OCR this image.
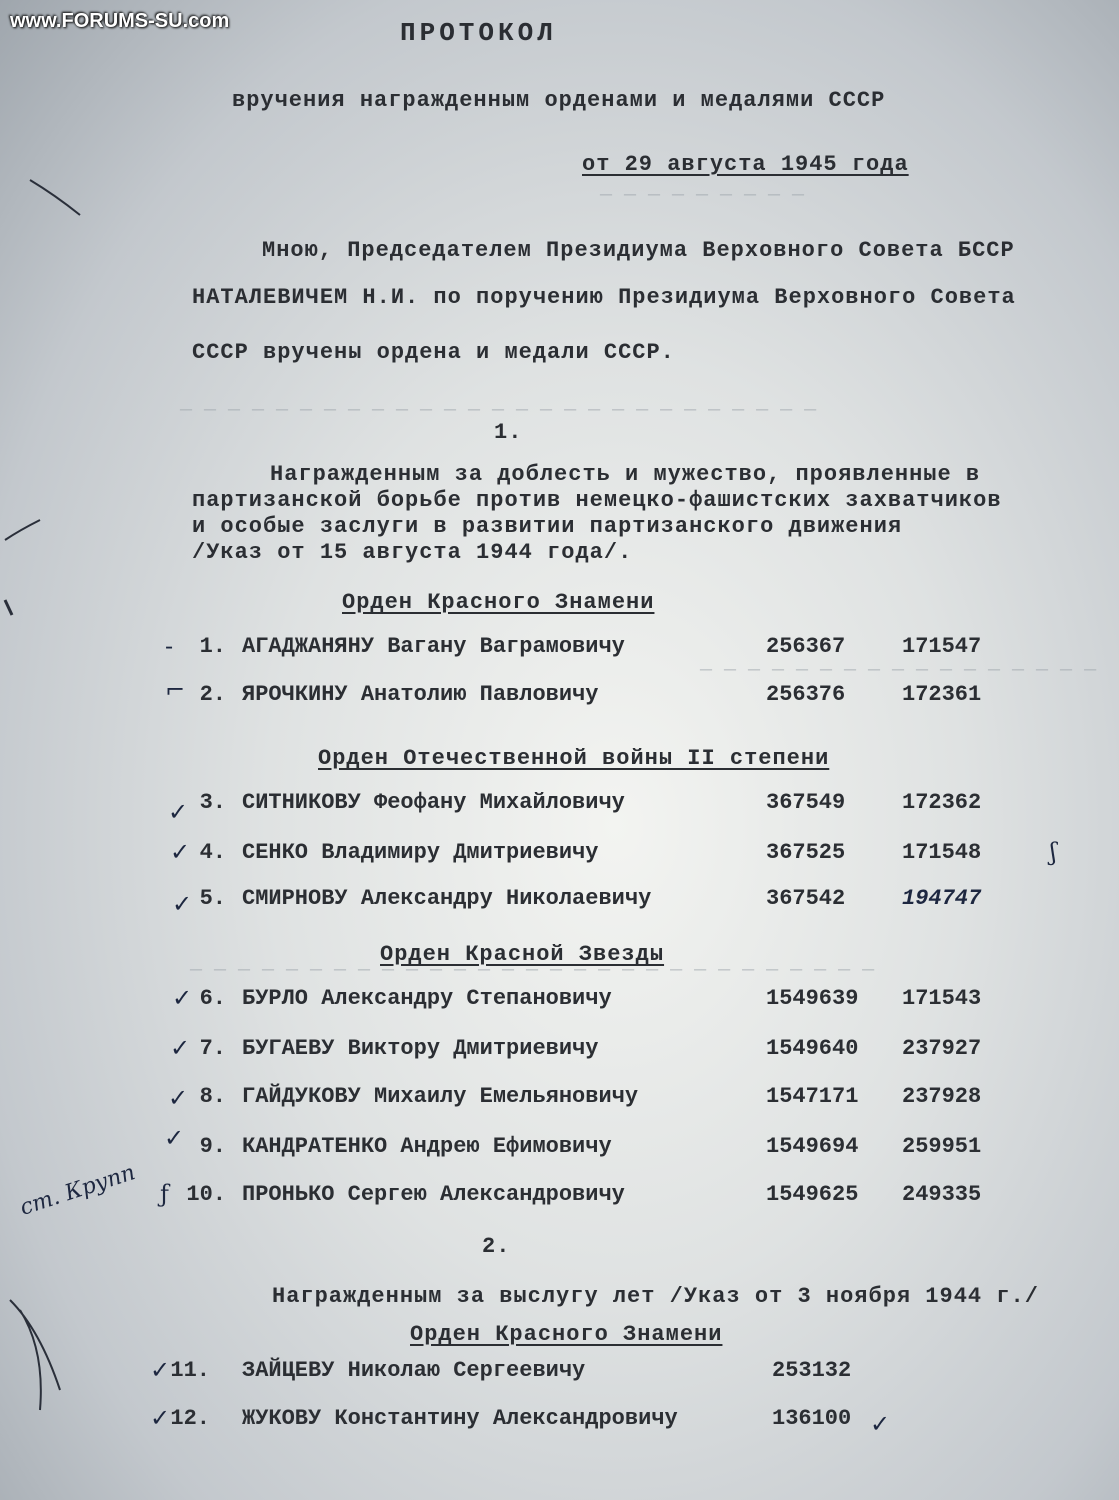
─ ─ ─ ─ ─ ─ ─ ─ ─
─ ─ ─ ─ ─ ─ ─ ─ ─ ─ ─ ─ ─ ─ ─ ─ ─ ─ ─ ─ ─ ─ ─ ─ ─ ─ ─
─ ─ ─ ─ ─ ─ ─ ─ ─ ─ ─ ─ ─ ─ ─ ─ ─
─ ─ ─ ─ ─ ─ ─ ─ ─ ─ ─ ─ ─ ─ ─ ─ ─ ─ ─ ─ ─ ─ ─ ─ ─ ─ ─ ─ ─
www.FORUMS-SU.com	ПРОТОКОЛ
вручения награжденным орденами и медалями СССР
от 29 августа 1945 года
Мною, Председателем Президиума Верховного Совета БССР
НАТАЛЕВИЧЕМ Н.И. по поручению Президиума Верховного Совета
СССР вручены ордена и медали СССР.
1.
Награжденным за доблесть и мужество, проявленные в
партизанской борьбе против немецко-фашистских захватчиков
и особые заслуги в развитии партизанского движения
/Указ от 15 августа 1944 года/.
Орден Красного Знамени
1. АГАДЖАНЯНУ Вагану Ваграмовичу	256367	171547
2. ЯРОЧКИНУ Анатолию Павловичу	256376	172361
Орден Отечественной войны II степени
3. СИТНИКОВУ Феофану Михайловичу	367549	172362
4. СЕНКО Владимиру Дмитриевичу	367525	171548
5. СМИРНОВУ Александру Николаевичу	367542	194747
Орден Красной Звезды
6. БУРЛО Александру Степановичу	1549639 171543
7. БУГАЕВУ Виктору Дмитриевичу	1549640 237927
8. ГАЙДУКОВУ Михаилу Емельяновичу	1547171 237928
9. КАНДРАТЕНКО Андрею Ефимовичу	1549694 259951
10. ПРОНЬКО Сергею Александровичу	1549625 249335
2.
Награжденным за выслугу лет /Указ от 3 ноября 1944 г./
Орден Красного Знамени
11. ЗАЙЦЕВУ Николаю Сергеевичу	253132
12. ЖУКОВУ Константину Александровичу	136100
‐
⌐
✓
✓
✓
✓
✓
✓
✓
ƒ
✓
✓	✓
ʃ
ст. Крупп
